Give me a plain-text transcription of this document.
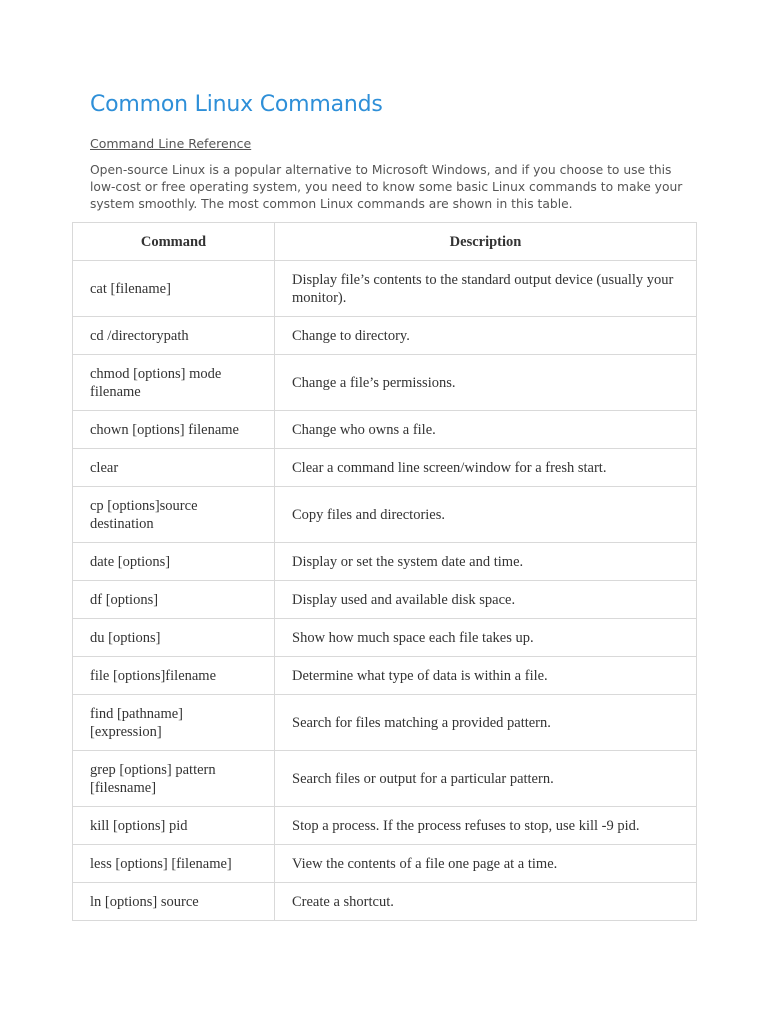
Common Linux Commands

Command Line Reference

Open-source Linux is a popular alternative to Microsoft Windows, and if you choose to use this low-cost or free operating system, you need to know some basic Linux commands to make your system smoothly. The most common Linux commands are shown in this table.

Command	Description
cat [filename]	Display file’s contents to the standard output device (usually your monitor).
cd /directorypath	Change to directory.
chmod [options] mode filename	Change a file’s permissions.
chown [options] filename	Change who owns a file.
clear	Clear a command line screen/window for a fresh start.
cp [options]source destination	Copy files and directories.
date [options]	Display or set the system date and time.
df [options]	Display used and available disk space.
du [options]	Show how much space each file takes up.
file [options]filename	Determine what type of data is within a file.
find [pathname] [expression]	Search for files matching a provided pattern.
grep [options] pattern [filesname]	Search files or output for a particular pattern.
kill [options] pid	Stop a process. If the process refuses to stop, use kill -9 pid.
less [options] [filename]	View the contents of a file one page at a time.
ln [options] source	Create a shortcut.
